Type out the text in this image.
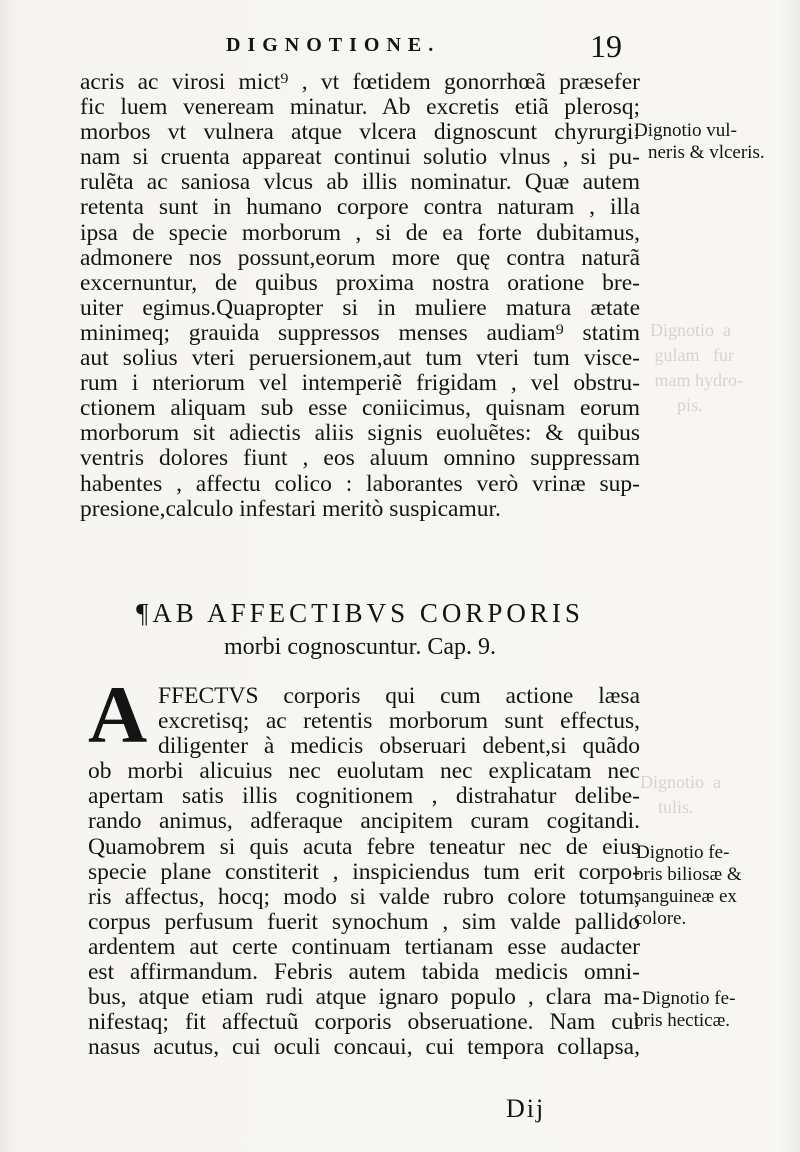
Dignotio  a
gulam   fur
mam hydro-
pis.
Dignotio  a
tulis.
DIGNOTIONE.	19
acris ac virosi mict⁹ , vt fœtidem gonorrhœã præsefer
fic luem veneream minatur. Ab excretis etiã plerosq;
morbos vt vulnera atque vlcera dignoscunt chyrurgi:
nam si cruenta appareat continui solutio vlnus , si pu-
rulẽta ac saniosa vlcus ab illis nominatur. Quæ autem
retenta sunt in humano corpore contra naturam , illa
ipsa de specie morborum , si de ea forte dubitamus,
admonere nos possunt,eorum more quę contra naturã
excernuntur, de quibus proxima nostra oratione bre-
uiter egimus.Quapropter si in muliere matura ætate
minimeq; grauida suppressos menses audiam⁹ statim
aut solius vteri peruersionem,aut tum vteri tum visce-
rum i nteriorum vel intemperiẽ frigidam , vel obstru-
ctionem aliquam sub esse coniicimus, quisnam eorum
morborum sit adiectis aliis signis euoluẽtes: & quibus
ventris dolores fiunt , eos aluum omnino suppressam
habentes , affectu colico : laborantes verò vrinæ sup-
presione,calculo infestari meritò suspicamur.
Dignotio vul-
neris & vlceris.
¶AB AFFECTIBVS CORPORIS
morbi cognoscuntur. Cap. 9.
A FFECTVS corporis qui cum actione læsa
excretisq; ac retentis morborum sunt effectus,
diligenter à medicis obseruari debent,si quãdo
ob morbi alicuius nec euolutam nec explicatam nec
apertam satis illis cognitionem , distrahatur delibe-
rando animus, adferaque ancipitem curam cogitandi.
Quamobrem si quis acuta febre teneatur nec de eius
specie plane constiterit , inspiciendus tum erit corpo-
ris affectus, hocq; modo si valde rubro colore totum,
corpus perfusum fuerit synochum , sim valde pallido
ardentem aut certe continuam tertianam esse audacter
est affirmandum. Febris autem tabida medicis omni-
bus, atque etiam rudi atque ignaro populo , clara ma-
nifestaq; fit affectuũ corporis obseruatione. Nam cui
nasus acutus, cui oculi concaui, cui tempora collapsa,
Dignotio fe-
bris biliosæ &
sanguineæ ex
colore.
Dignotio fe-
bris hecticæ.
Dij
